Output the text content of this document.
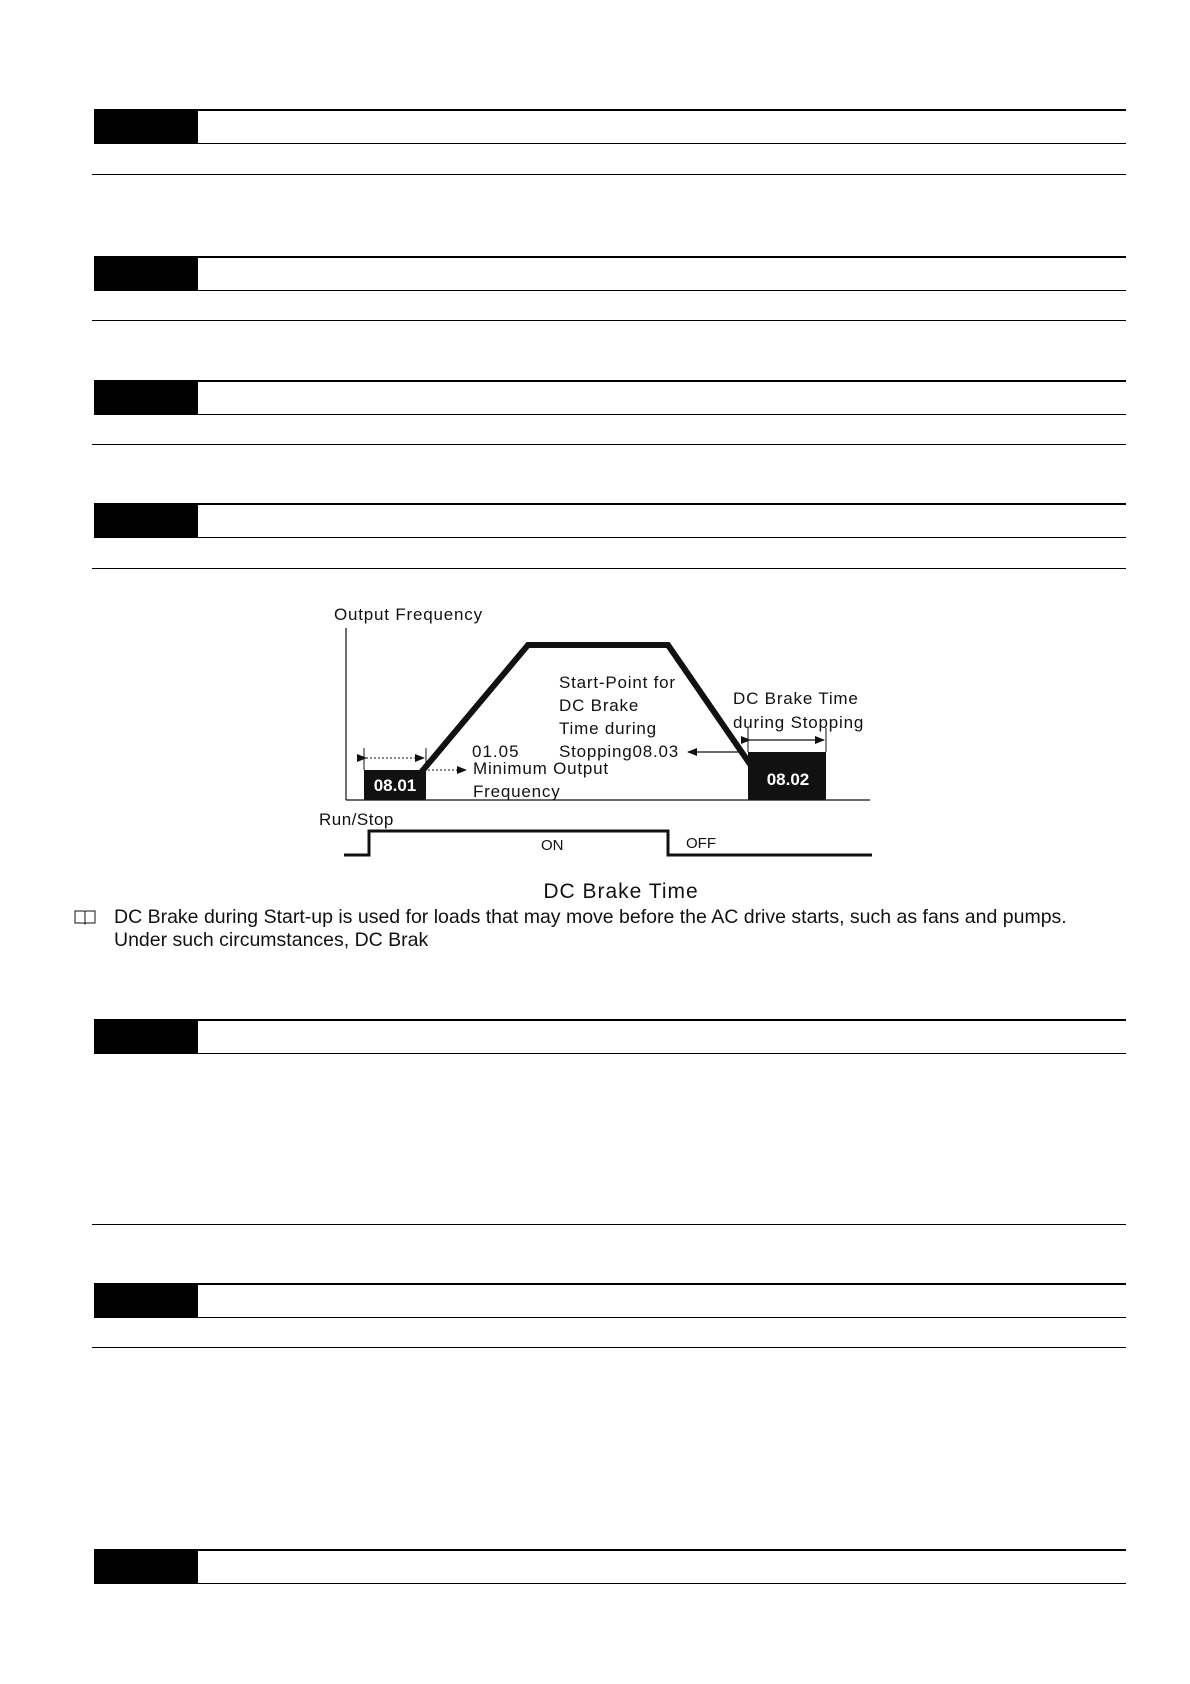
08.01	08.02
Output Frequency
Start-Point for
DC Brake
Time during
Stopping08.03
DC Brake Time
during Stopping
01.05
Minimum Output
Frequency
Run/Stop
ON	OFF
DC Brake Time
DC Brake during Start-up is used for loads that may move before the AC drive starts, such as fans and pumps.
Under such circumstances, DC Brak
